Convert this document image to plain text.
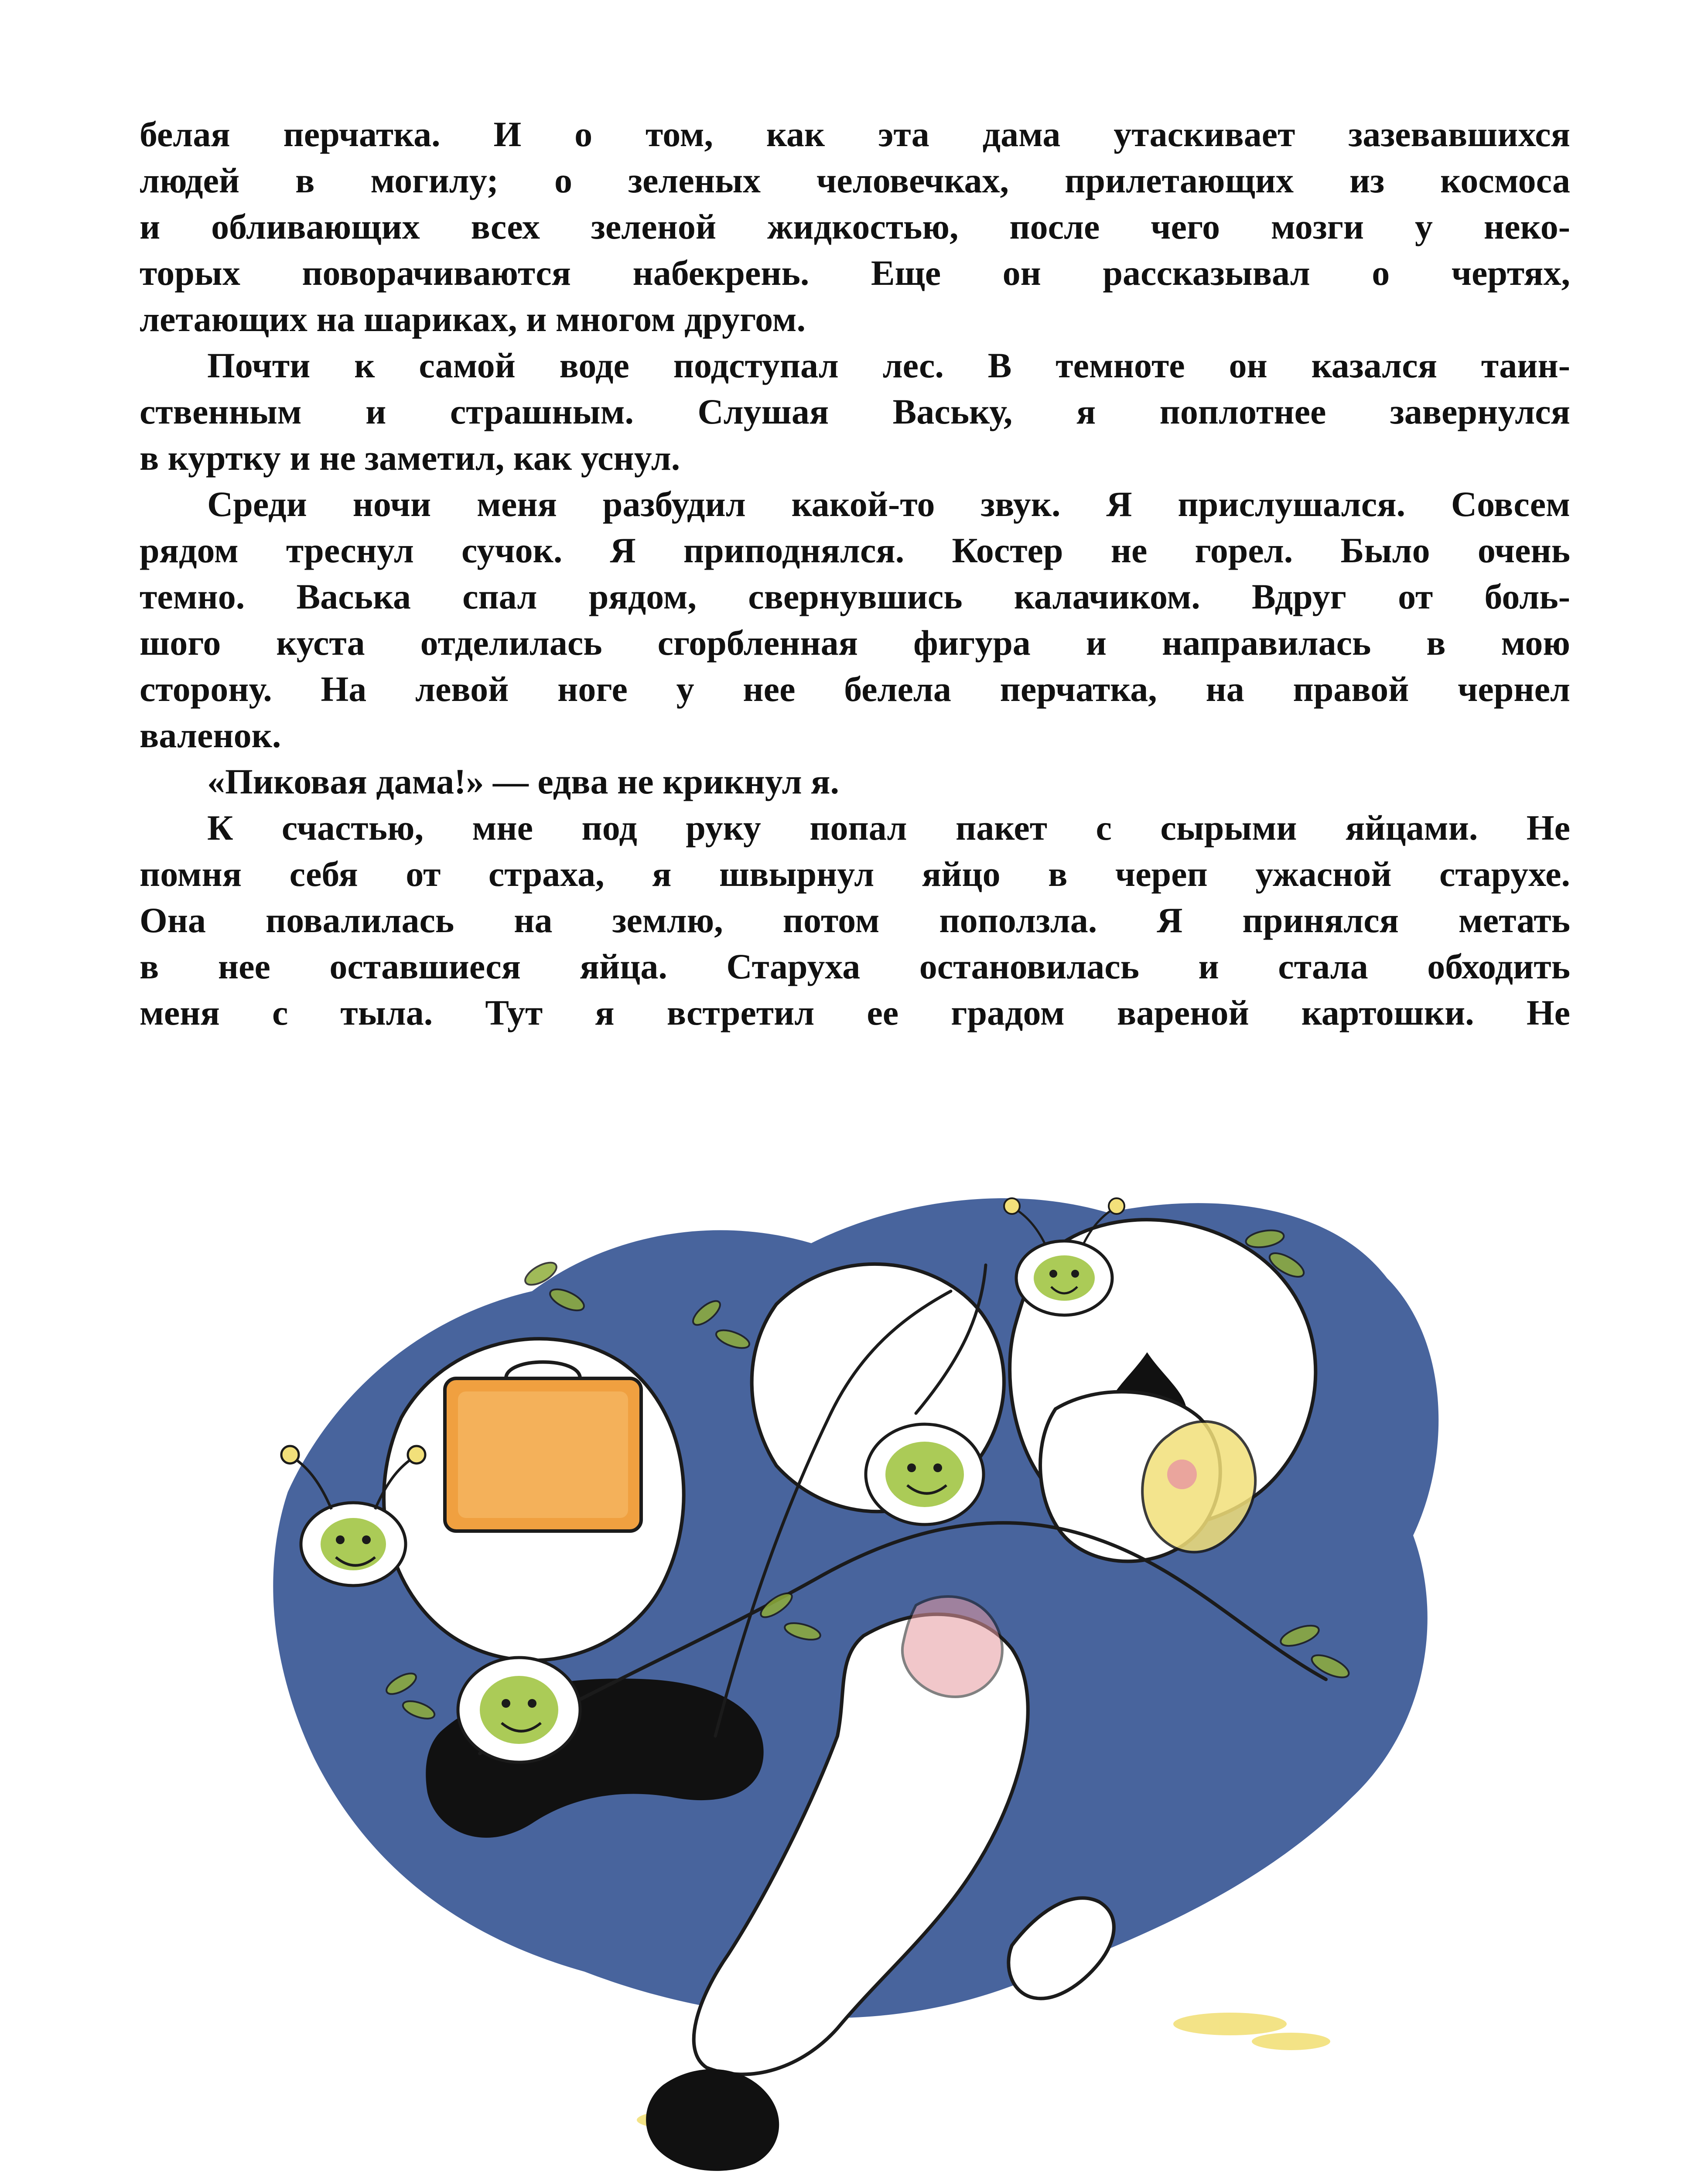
белая перчатка. И о том, как эта дама утаскивает зазевавшихся
людей в могилу; о зеленых человечках, прилетающих из космоса
и обливающих всех зеленой жидкостью, после чего мозги у неко-
торых поворачиваются набекрень. Еще он рассказывал о чертях,
летающих на шариках, и многом другом.
Почти к самой воде подступал лес. В темноте он казался таин-
ственным и страшным. Слушая Ваську, я поплотнее завернулся
в куртку и не заметил, как уснул.
Среди ночи меня разбудил какой-то звук. Я прислушался. Совсем
рядом треснул сучок. Я приподнялся. Костер не горел. Было очень
темно. Васька спал рядом, свернувшись калачиком. Вдруг от боль-
шого куста отделилась сгорбленная фигура и направилась в мою
сторону. На левой ноге у нее белела перчатка, на правой чернел
валенок.
«Пиковая дама!» — едва не крикнул я.
К счастью, мне под руку попал пакет с сырыми яйцами. Не
помня себя от страха, я швырнул яйцо в череп ужасной старухе.
Она повалилась на землю, потом поползла. Я принялся метать
в нее оставшиеся яйца. Старуха остановилась и стала обходить
меня с тыла. Тут я встретил ее градом вареной картошки. Не
